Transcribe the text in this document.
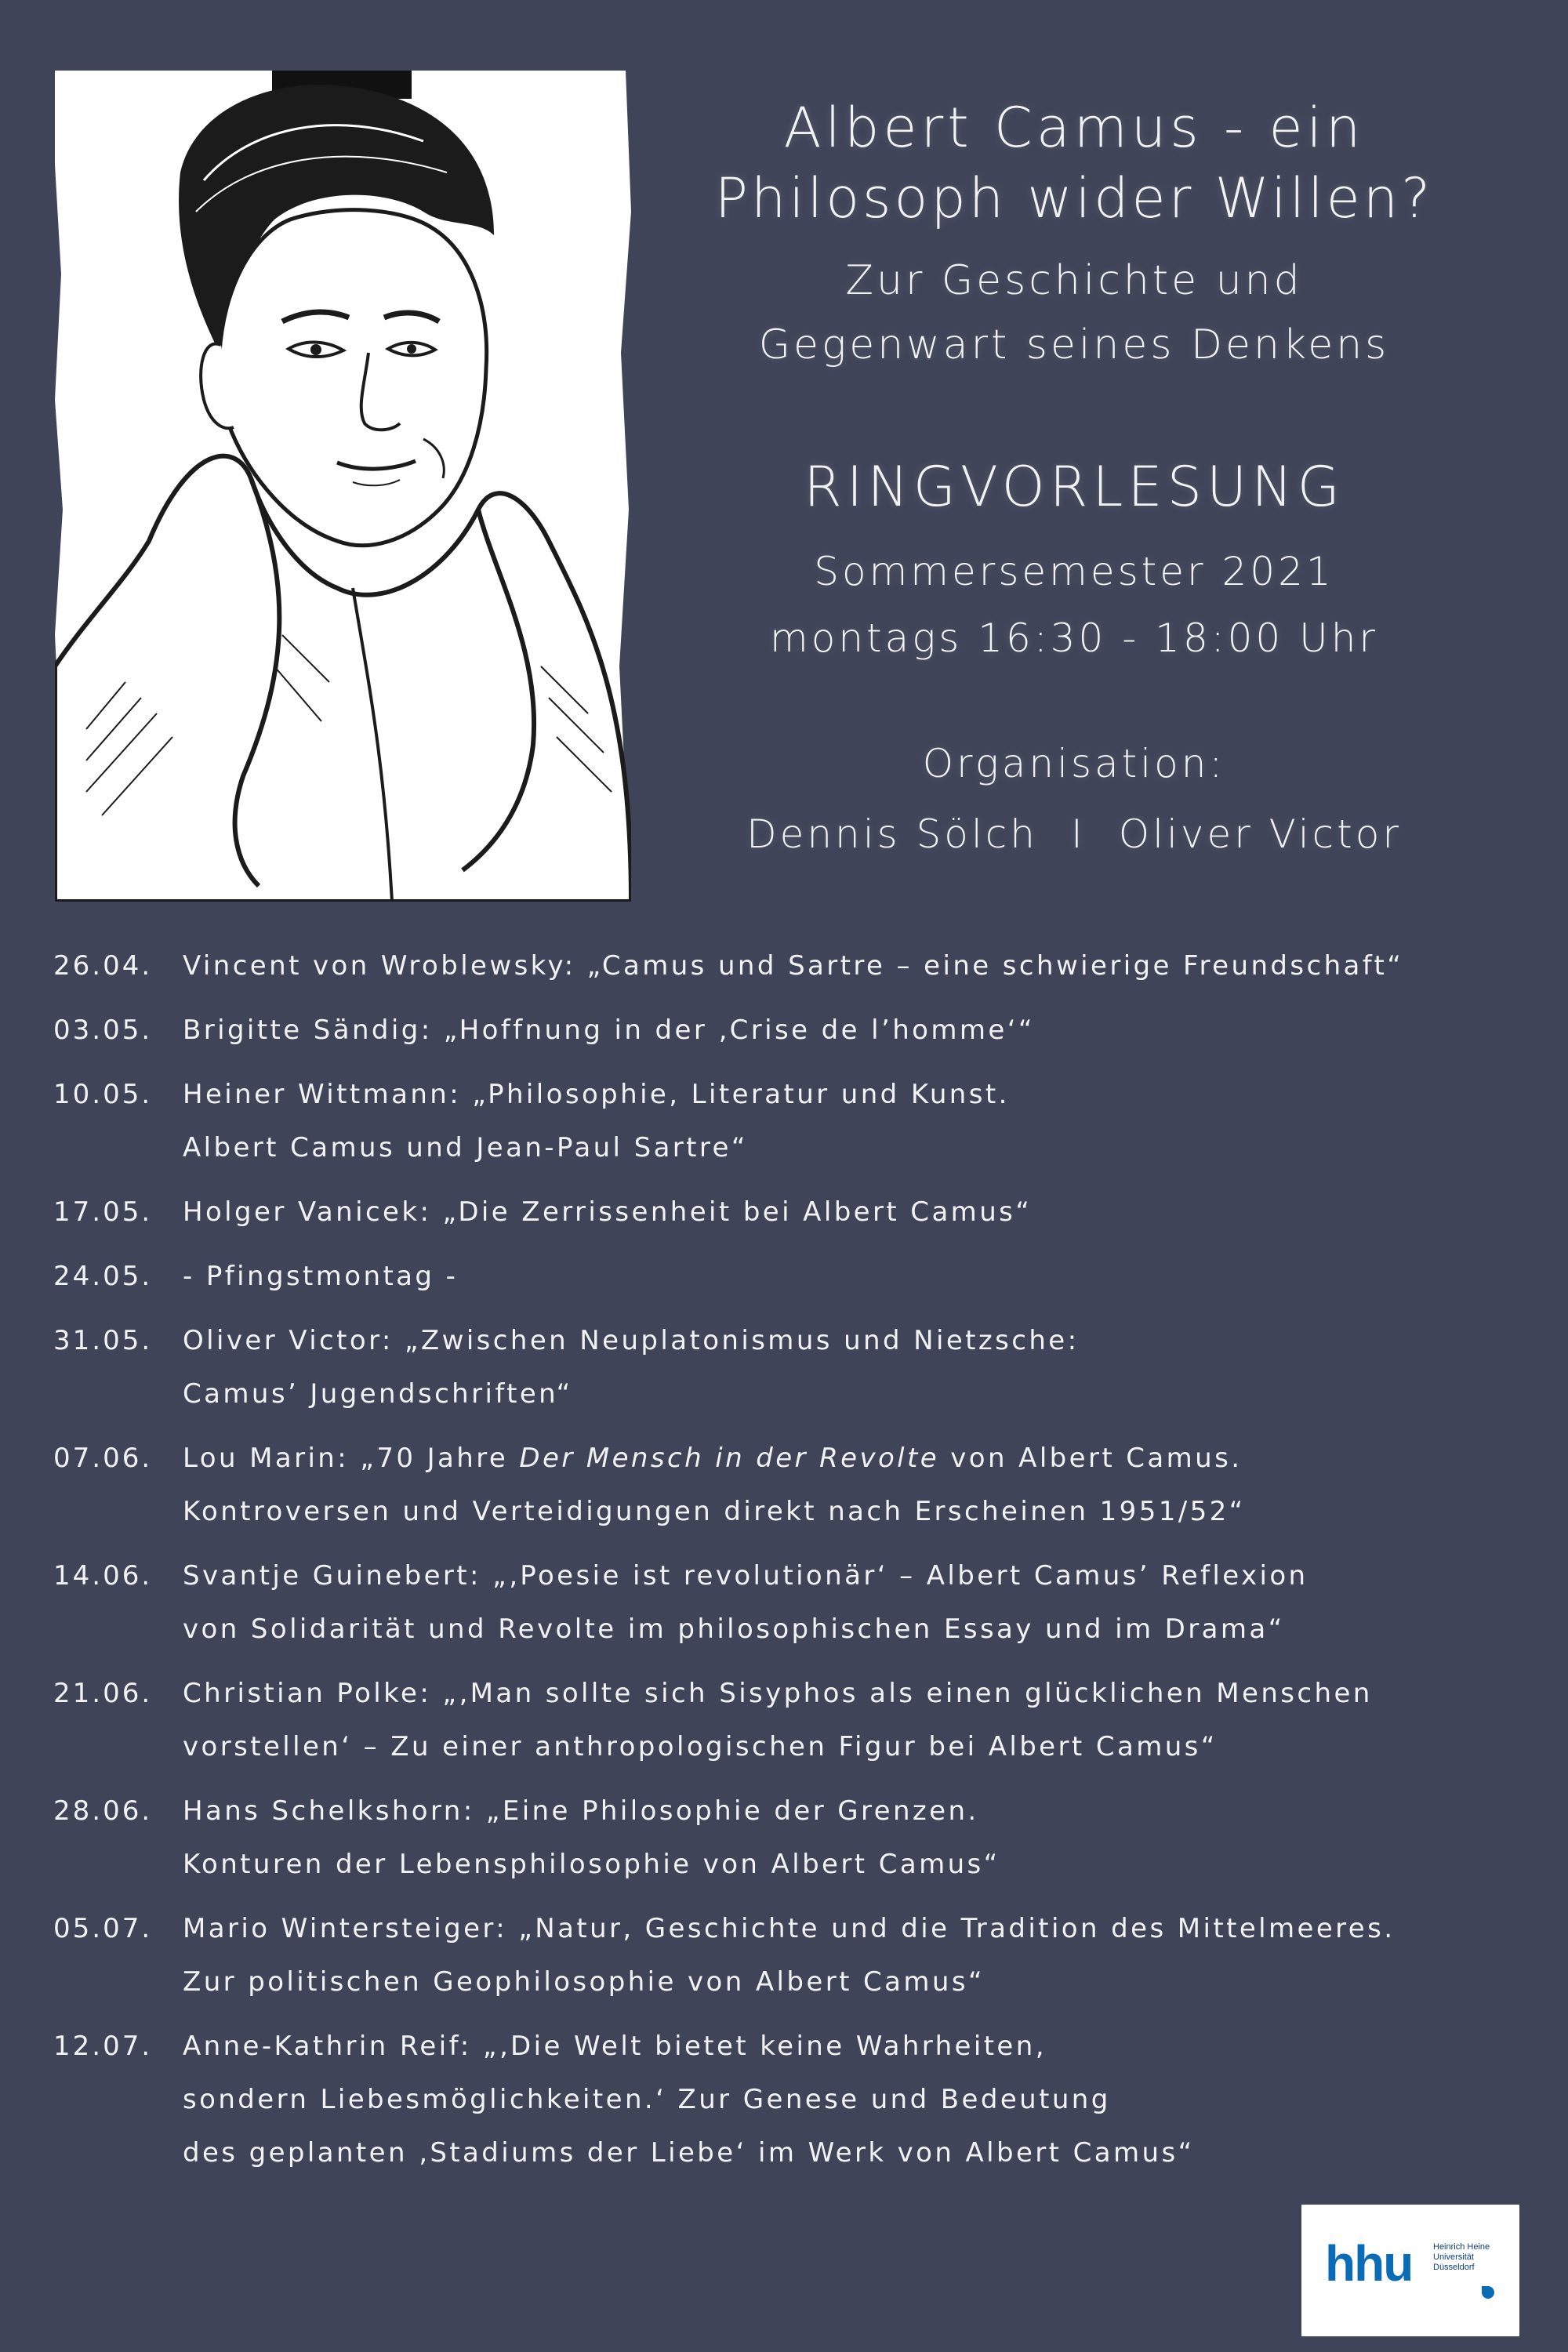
Albert Camus - ein
Philosoph wider Willen?
Zur Geschichte und
Gegenwart seines Denkens
RINGVORLESUNG
Sommersemester 2021
montags 16:30 - 18:00 Uhr
Organisation:
Dennis Sölch I Oliver Victor
26.04.	Vincent von Wroblewsky: „Camus und Sartre – eine schwierige Freundschaft“
03.05.	Brigitte Sändig: „Hoffnung in der ‚Crise de l’homme‘“
10.05.	Heiner Wittmann: „Philosophie, Literatur und Kunst.
Albert Camus und Jean-Paul Sartre“
17.05.	Holger Vanicek: „Die Zerrissenheit bei Albert Camus“
24.05.	- Pfingstmontag -
31.05.	Oliver Victor: „Zwischen Neuplatonismus und Nietzsche:
Camus’ Jugendschriften“
07.06.	Lou Marin: „70 Jahre Der Mensch in der Revolte von Albert Camus.
Kontroversen und Verteidigungen direkt nach Erscheinen 1951/52“
14.06.	Svantje Guinebert: „‚Poesie ist revolutionär‘ – Albert Camus’ Reflexion
von Solidarität und Revolte im philosophischen Essay und im Drama“
21.06.	Christian Polke: „‚Man sollte sich Sisyphos als einen glücklichen Menschen
vorstellen‘ – Zu einer anthropologischen Figur bei Albert Camus“
28.06.	Hans Schelkshorn: „Eine Philosophie der Grenzen.
Konturen der Lebensphilosophie von Albert Camus“
05.07.	Mario Wintersteiger: „Natur, Geschichte und die Tradition des Mittelmeeres.
Zur politischen Geophilosophie von Albert Camus“
12.07.	Anne-Kathrin Reif: „‚Die Welt bietet keine Wahrheiten,
sondern Liebesmöglichkeiten.‘ Zur Genese und Bedeutung
des geplanten ‚Stadiums der Liebe‘ im Werk von Albert Camus“
hhu Heinrich Heine
Universität
Düsseldorf
